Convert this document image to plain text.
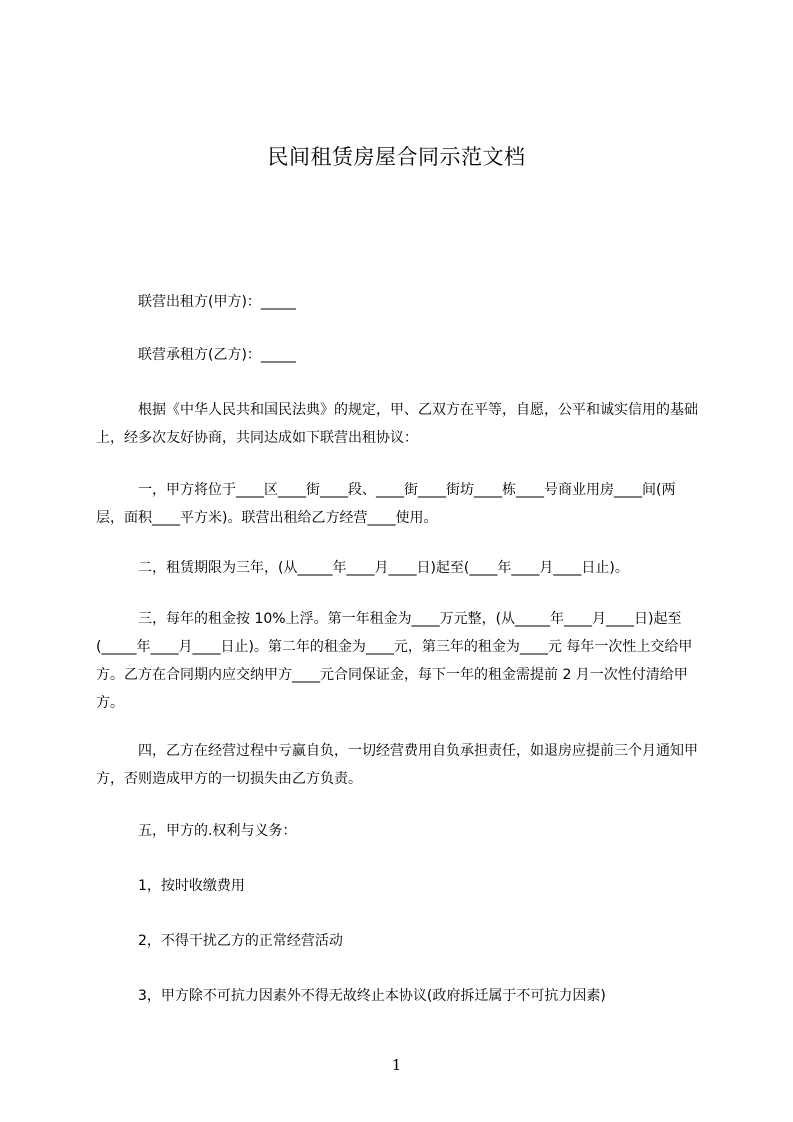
民间租赁房屋合同示范文档
联营出租方(甲方)：_____
联营承租方(乙方)：_____
根据《中华人民共和国民法典》的规定，甲、乙双方在平等，自愿，公平和诚实信用的基础上，经多次友好协商，共同达成如下联营出租协议：
一，甲方将位于____区____街____段、____街____街坊____栋____号商业用房____间(两层，面积____平方米)。联营出租给乙方经营____使用。
二，租赁期限为三年，(从_____年____月____日)起至(____年____月____日止)。
三，每年的租金按 10%上浮。第一年租金为____万元整，(从_____年____月____日)起至(_____年____月____日止)。第二年的租金为____元，第三年的租金为____元 每年一次性上交给甲方。乙方在合同期内应交纳甲方____元合同保证金，每下一年的租金需提前 2 月一次性付清给甲方。
四，乙方在经营过程中亏赢自负，一切经营费用自负承担责任，如退房应提前三个月通知甲方，否则造成甲方的一切损失由乙方负责。
五，甲方的.权利与义务：
1，按时收缴费用
2，不得干扰乙方的正常经营活动
3，甲方除不可抗力因素外不得无故终止本协议(政府拆迁属于不可抗力因素)
1
